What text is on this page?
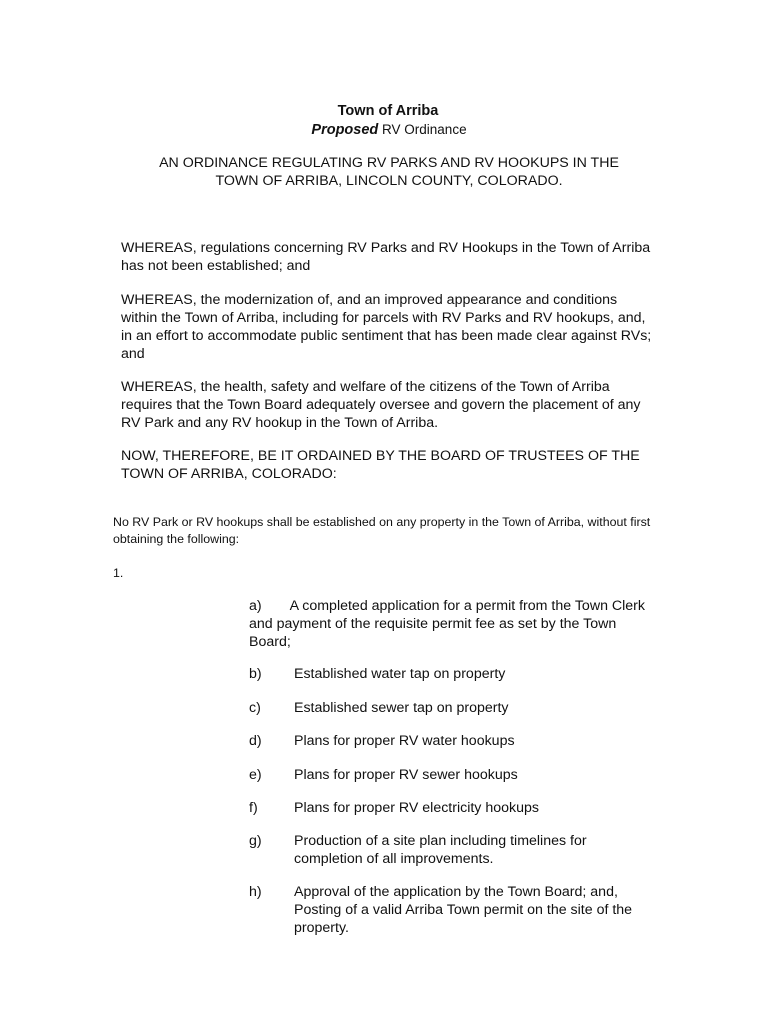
Town of Arriba
Proposed RV Ordinance
AN ORDINANCE REGULATING RV PARKS AND RV HOOKUPS IN THE
TOWN OF ARRIBA, LINCOLN COUNTY, COLORADO.
WHEREAS, regulations concerning RV Parks and RV Hookups in the Town of Arriba has not been established; and
WHEREAS, the modernization of, and an improved appearance and conditions within the Town of Arriba, including for parcels with RV Parks and RV hookups, and, in an effort to accommodate public sentiment that has been made clear against RVs; and
WHEREAS, the health, safety and welfare of the citizens of the Town of Arriba requires that the Town Board adequately oversee and govern the placement of any RV Park and any RV hookup in the Town of Arriba.
NOW, THEREFORE, BE IT ORDAINED BY THE BOARD OF TRUSTEES OF THE TOWN OF ARRIBA, COLORADO:
No RV Park or RV hookups shall be established on any property in the Town of Arriba, without first obtaining the following:
1.
a) A completed application for a permit from the Town Clerk and payment of the requisite permit fee as set by the Town Board;
b) Established water tap on property
c) Established sewer tap on property
d) Plans for proper RV water hookups
e) Plans for proper RV sewer hookups
f)	Plans for proper RV electricity hookups
g) Production of a site plan including timelines for completion of all improvements.
h) Approval of the application by the Town Board; and, Posting of a valid Arriba Town permit on the site of the property.
